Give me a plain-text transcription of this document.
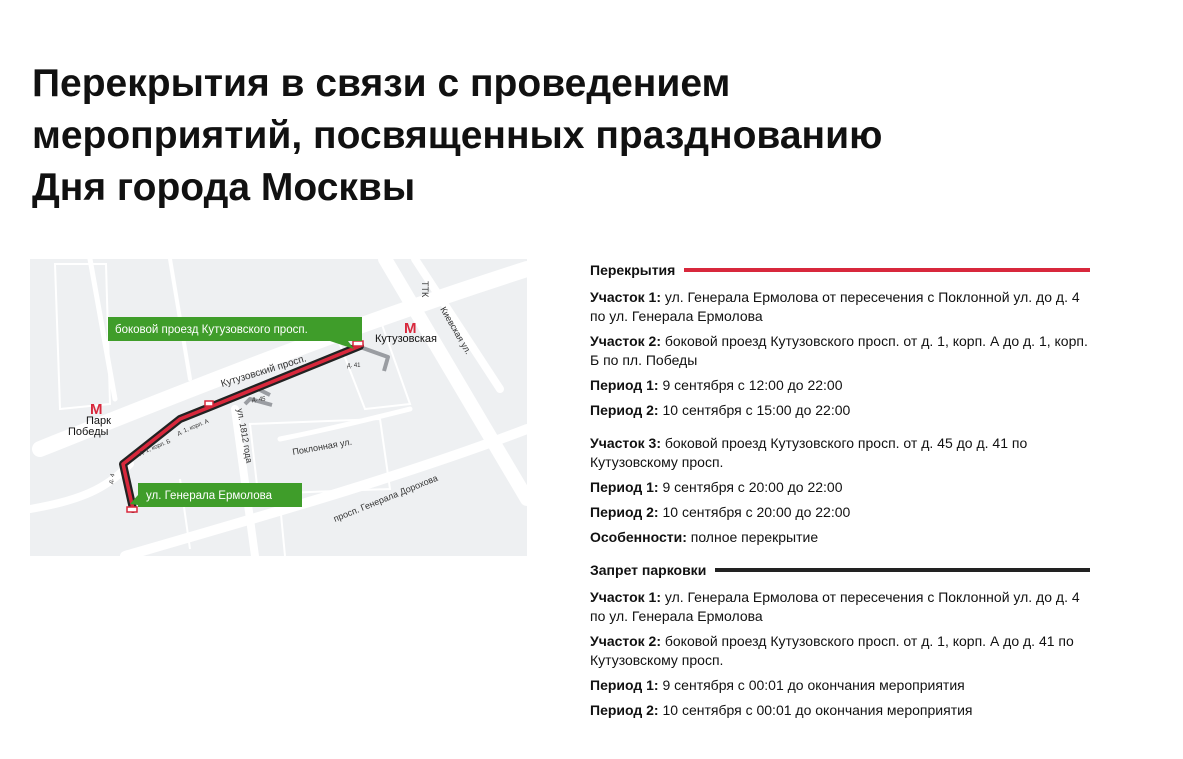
Перекрытия в связи с проведением
мероприятий, посвященных празднованию
Дня города Москвы
Кутузовский просп.
ул. 1812 года	Поклонная ул.
просп. Генерала Дорохова
Киевская ул.
ТТК
д. 41
д. 45
д. 1, корп. А
д. 1, корп. Б
д. 4
М
Парк
Победы
М
Кутузовская
боковой проезд Кутузовского просп.
ул. Генерала Ермолова
Перекрытия
Участок 1: ул. Генерала Ермолова от пересечения с Поклонной ул. до д. 4 по ул. Генерала Ермолова
Участок 2: боковой проезд Кутузовского просп. от д. 1, корп. А до д. 1, корп. Б по пл. Победы
Период 1: 9 сентября с 12:00 до 22:00
Период 2: 10 сентября с 15:00 до 22:00
Участок 3: боковой проезд Кутузовского просп. от д. 45 до д. 41 по Кутузовскому просп.
Период 1: 9 сентября с 20:00 до 22:00
Период 2: 10 сентября с 20:00 до 22:00
Особенности: полное перекрытие
Запрет парковки
Участок 1: ул. Генерала Ермолова от пересечения с Поклонной ул. до д. 4 по ул. Генерала Ермолова
Участок 2: боковой проезд Кутузовского просп. от д. 1, корп. А до д. 41 по Кутузовскому просп.
Период 1: 9 сентября с 00:01 до окончания мероприятия
Период 2: 10 сентября с 00:01 до окончания мероприятия
